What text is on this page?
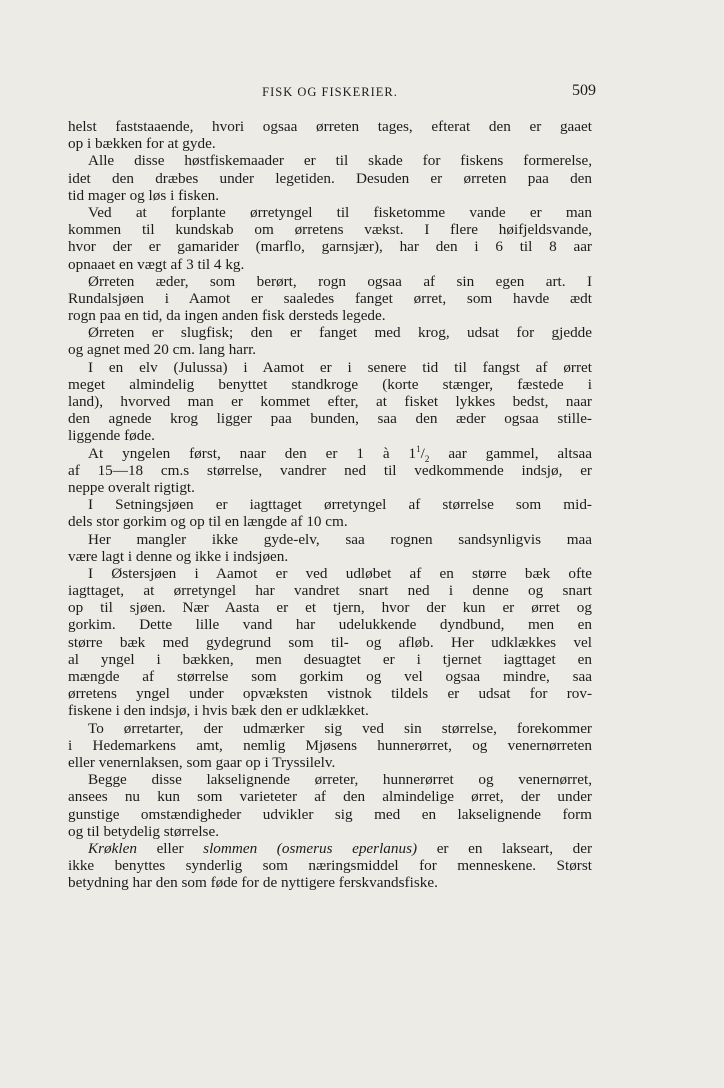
FISK OG FISKERIER.	509
helst faststaaende, hvori ogsaa ørreten tages, efterat den er gaaet
op i bækken for at gyde.
Alle disse høstfiskemaader er til skade for fiskens formerelse,
idet den dræbes under legetiden. Desuden er ørreten paa den
tid mager og løs i fisken.
Ved at forplante ørretyngel til fisketomme vande er man
kommen til kundskab om ørretens vækst. I flere høifjeldsvande,
hvor der er gamarider (marflo, garnsjær), har den i 6 til 8 aar
opnaaet en vægt af 3 til 4 kg.
Ørreten æder, som berørt, rogn ogsaa af sin egen art. I
Rundalsjøen i Aamot er saaledes fanget ørret, som havde ædt
rogn paa en tid, da ingen anden fisk dersteds legede.
Ørreten er slugfisk; den er fanget med krog, udsat for gjedde
og agnet med 20 cm. lang harr.
I en elv (Julussa) i Aamot er i senere tid til fangst af ørret
meget almindelig benyttet standkroge (korte stænger, fæstede i
land), hvorved man er kommet efter, at fisket lykkes bedst, naar
den agnede krog ligger paa bunden, saa den æder ogsaa stille-
liggende føde.
At yngelen først, naar den er 1 à $1^1/_2$ aar gammel, altsaa
af 15—18 cm.s størrelse, vandrer ned til vedkommende indsjø, er
neppe overalt rigtigt.
I Setningsjøen er iagttaget ørretyngel af størrelse som mid-
dels stor gorkim og op til en længde af 10 cm.
Her mangler ikke gyde-elv, saa rognen sandsynligvis maa
være lagt i denne og ikke i indsjøen.
I Østersjøen i Aamot er ved udløbet af en større bæk ofte
iagttaget, at ørretyngel har vandret snart ned i denne og snart
op til sjøen. Nær Aasta er et tjern, hvor der kun er ørret og
gorkim. Dette lille vand har udelukkende dyndbund, men en
større bæk med gydegrund som til- og afløb. Her udklækkes vel
al yngel i bækken, men desuagtet er i tjernet iagttaget en
mængde af størrelse som gorkim og vel ogsaa mindre, saa
ørretens yngel under opvæksten vistnok tildels er udsat for rov-
fiskene i den indsjø, i hvis bæk den er udklækket.
To ørretarter, der udmærker sig ved sin størrelse, forekommer
i Hedemarkens amt, nemlig Mjøsens hunnerørret, og venernørreten
eller venernlaksen, som gaar op i Tryssilelv.
Begge disse lakselignende ørreter, hunnerørret og venernørret,
ansees nu kun som varieteter af den almindelige ørret, der under
gunstige omstændigheder udvikler sig med en lakselignende form
og til betydelig størrelse.
Krøklen eller slommen (osmerus eperlanus) er en lakseart, der
ikke benyttes synderlig som næringsmiddel for menneskene. Størst
betydning har den som føde for de nyttigere ferskvandsfiske.
